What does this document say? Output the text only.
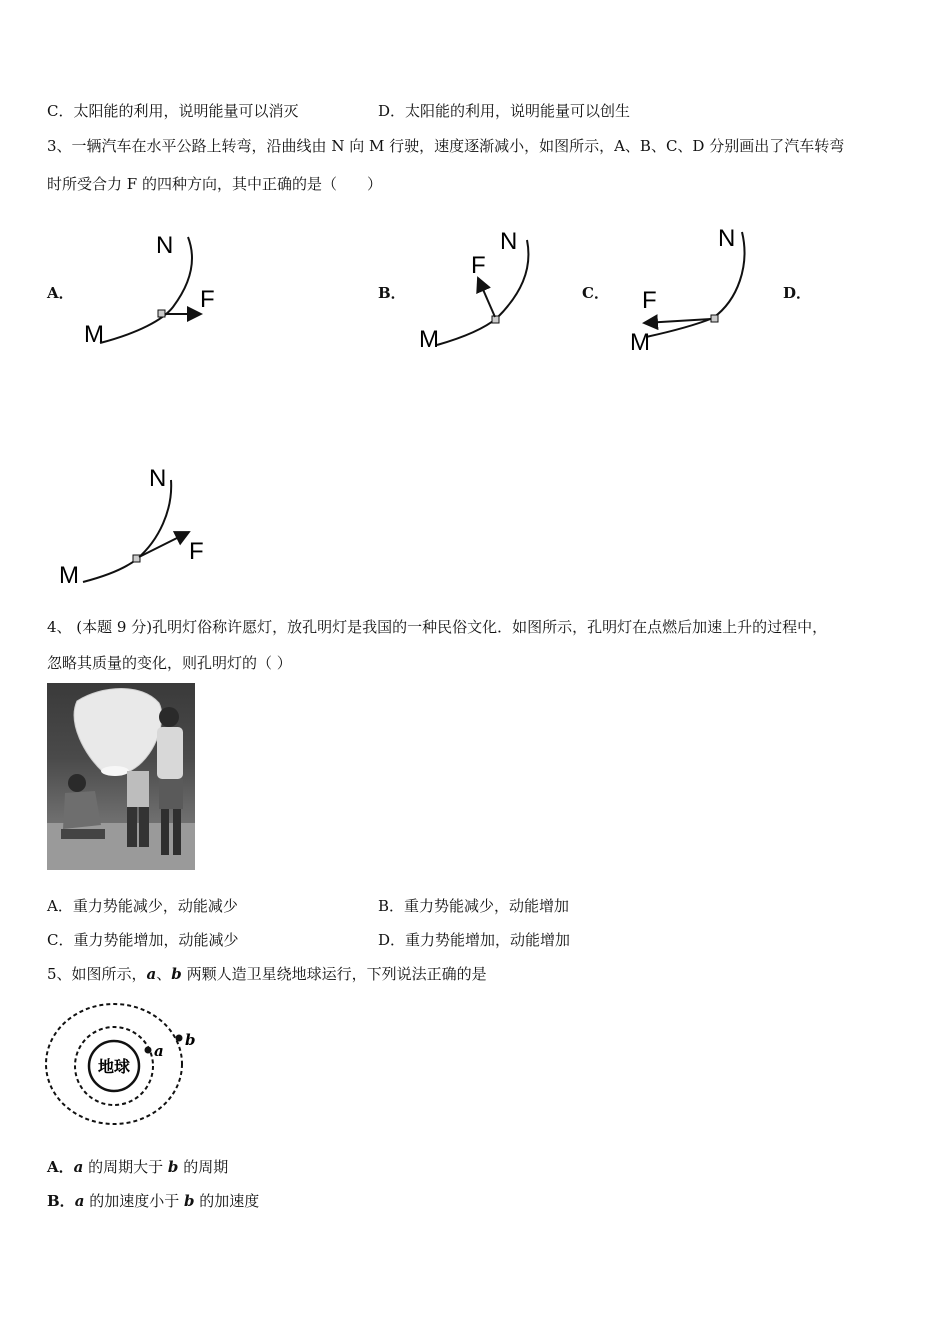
C．太阳能的利用，说明能量可以消灭	D．太阳能的利用，说明能量可以创生
3、一辆汽车在水平公路上转弯，沿曲线由 N 向 M 行驶，速度逐渐减小，如图所示，A、B、C、D 分别画出了汽车转弯
时所受合力 F 的四种方向，其中正确的是（　　）
A．	B．	C．	D．
N
M
F
N
M
F
N
M
F
N
M
F
4、 (本题 9 分)孔明灯俗称许愿灯，放孔明灯是我国的一种民俗文化．如图所示，孔明灯在点燃后加速上升的过程中，
忽略其质量的变化，则孔明灯的（ ）
A．重力势能减少，动能减少	B．重力势能减少，动能增加
C．重力势能增加，动能减少	D．重力势能增加，动能增加
5、如图所示，a、b 两颗人造卫星绕地球运行，下列说法正确的是
地球
a
b
A．a 的周期大于 b 的周期
B．a 的加速度小于 b 的加速度
